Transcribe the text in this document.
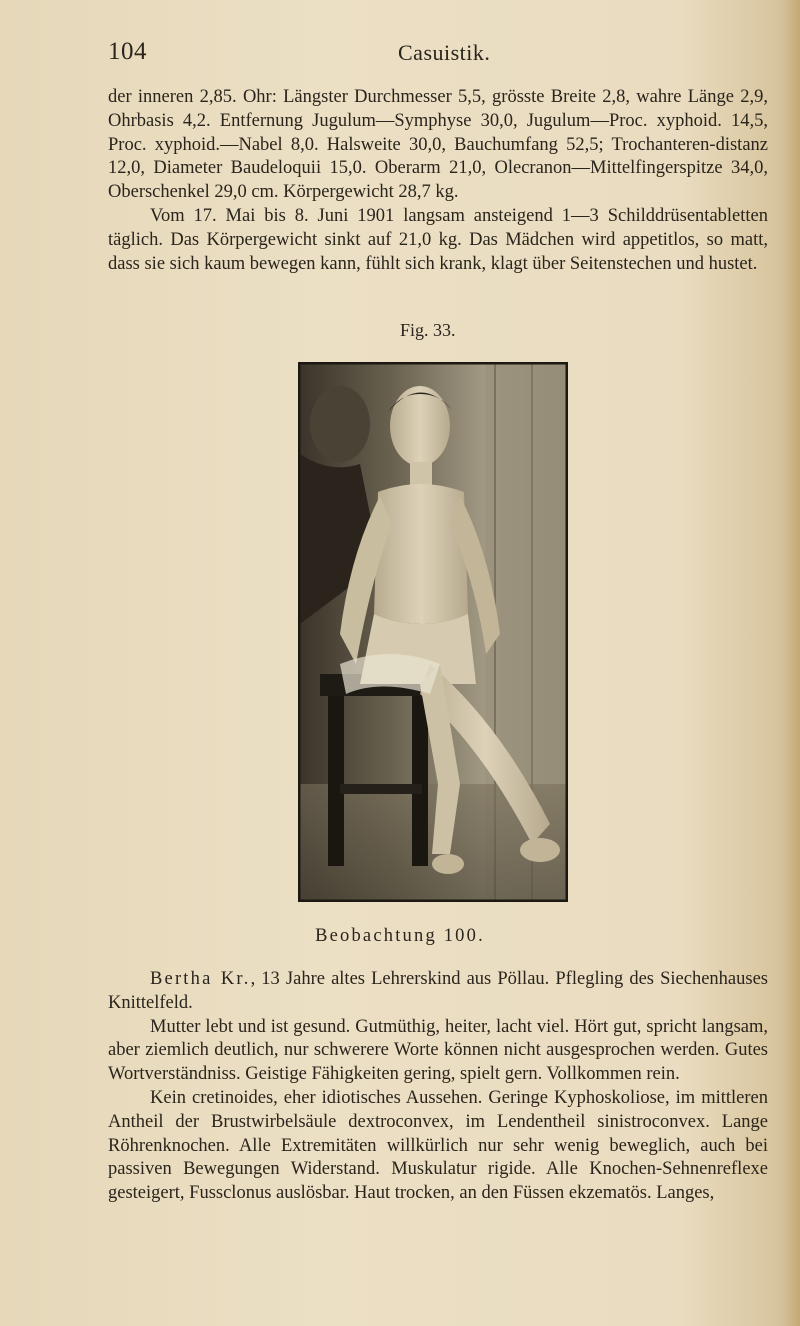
104	Casuistik.

der inneren 2,85. Ohr: Längster Durchmesser 5,5, grösste Breite 2,8, wahre Länge 2,9, Ohrbasis 4,2. Entfernung Jugulum—Symphyse 30,0, Jugulum—Proc. xyphoid. 14,5, Proc. xyphoid.—Nabel 8,0. Halsweite 30,0, Bauchumfang 52,5; Trochanteren-distanz 12,0, Diameter Baudeloquii 15,0. Oberarm 21,0, Olecranon—Mittelfingerspitze 34,0, Oberschenkel 29,0 cm. Körpergewicht 28,7 kg.

Vom 17. Mai bis 8. Juni 1901 langsam ansteigend 1—3 Schilddrüsentabletten täglich. Das Körpergewicht sinkt auf 21,0 kg. Das Mädchen wird appetitlos, so matt, dass sie sich kaum bewegen kann, fühlt sich krank, klagt über Seitenstechen und hustet.

Fig. 33.
Beobachtung 100.

Bertha Kr., 13 Jahre altes Lehrerskind aus Pöllau. Pflegling des Siechenhauses Knittelfeld.

Mutter lebt und ist gesund. Gutmüthig, heiter, lacht viel. Hört gut, spricht langsam, aber ziemlich deutlich, nur schwerere Worte können nicht ausgesprochen werden. Gutes Wortverständniss. Geistige Fähigkeiten gering, spielt gern. Vollkommen rein.

Kein cretinoides, eher idiotisches Aussehen. Geringe Kyphoskoliose, im mittleren Antheil der Brustwirbelsäule dextroconvex, im Lendentheil sinistroconvex. Lange Röhrenknochen. Alle Extremitäten willkürlich nur sehr wenig beweglich, auch bei passiven Bewegungen Widerstand. Muskulatur rigide. Alle Knochen-Sehnenreflexe gesteigert, Fussclonus auslösbar. Haut trocken, an den Füssen ekzematös. Langes,
